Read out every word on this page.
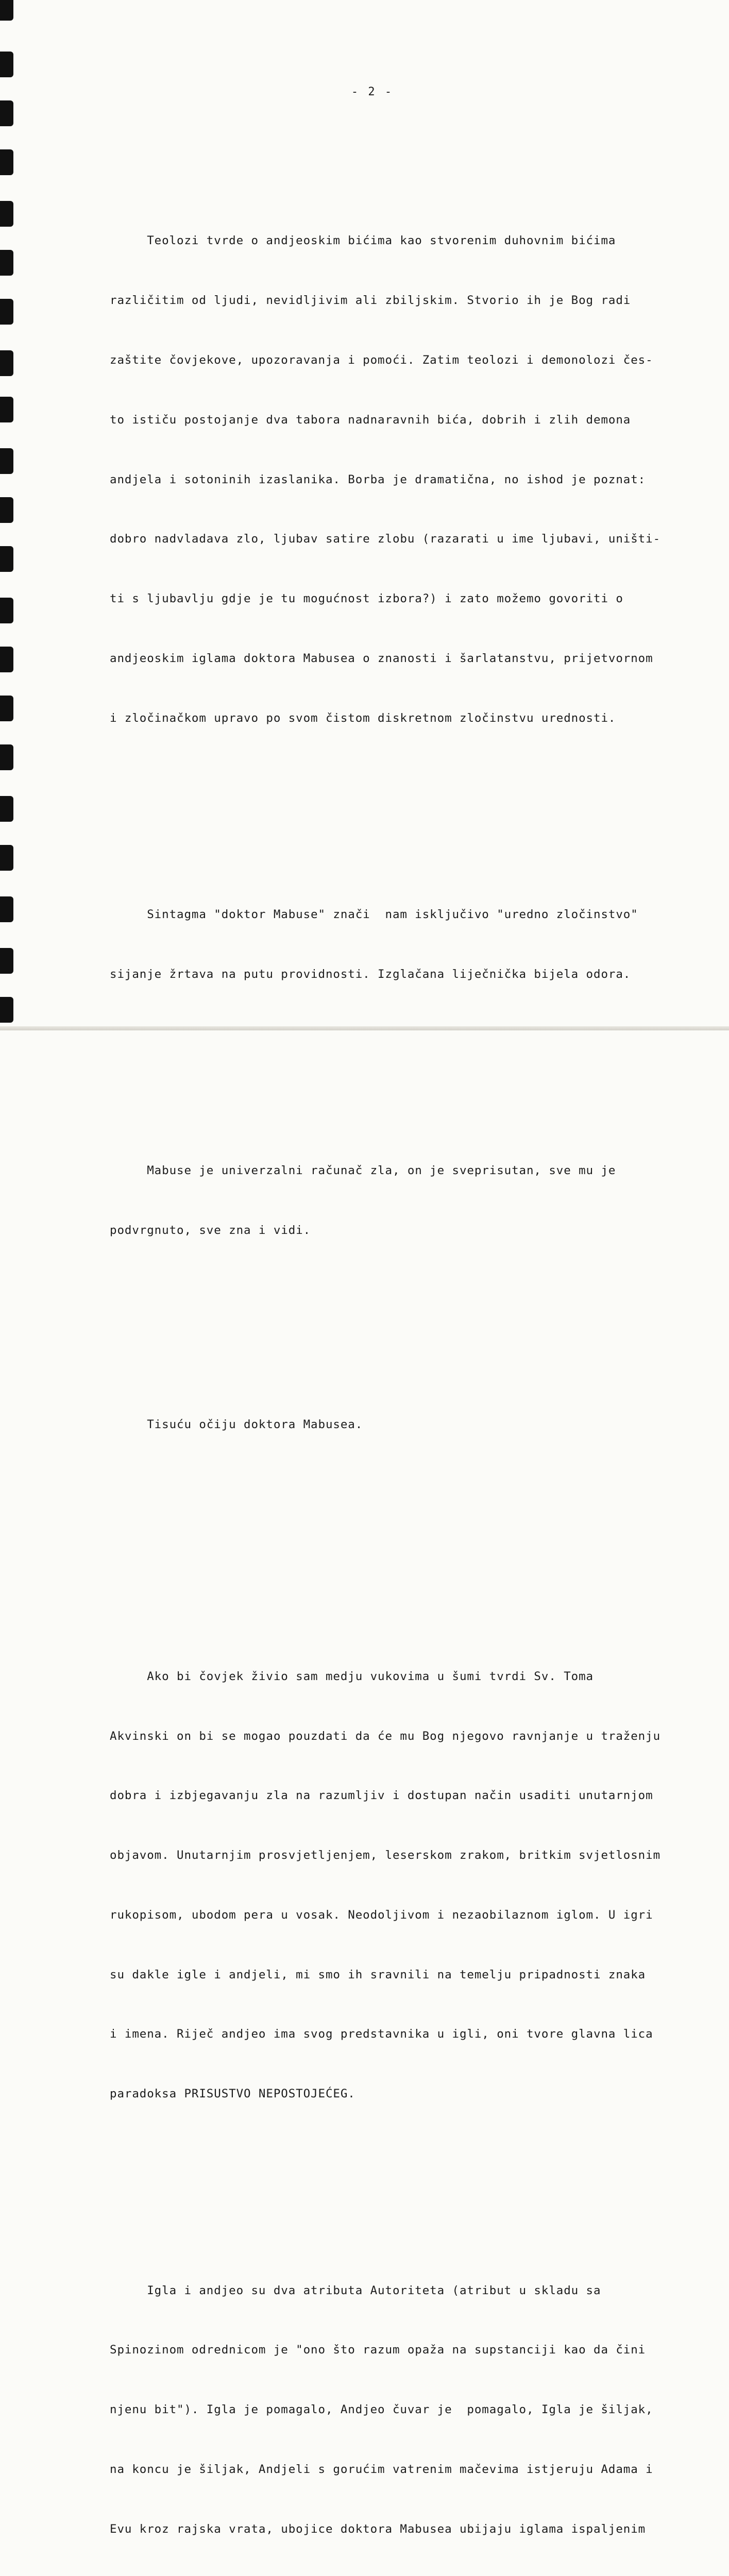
- 2 -

Teolozi tvrde o andjeoskim bićima kao stvorenim duhovnim bićima

različitim od ljudi, nevidljivim ali zbiljskim. Stvorio ih je Bog radi

zaštite čovjekove, upozoravanja i pomoći. Zatim teolozi i demonolozi čes-

to ističu postojanje dva tabora nadnaravnih bića, dobrih i zlih demona

andjela i sotoninih izaslanika. Borba je dramatična, no ishod je poznat:

dobro nadvladava zlo, ljubav satire zlobu (razarati u ime ljubavi, uništi-

ti s ljubavlju gdje je tu mogućnost izbora?) i zato možemo govoriti o

andjeoskim iglama doktora Mabusea o znanosti i šarlatanstvu, prijetvornom

i zločinačkom upravo po svom čistom diskretnom zločinstvu urednosti.

Sintagma "doktor Mabuse" znači  nam isključivo "uredno zločinstvo"

sijanje žrtava na putu providnosti. Izglačana liječnička bijela odora.

Mabuse je univerzalni računač zla, on je sveprisutan, sve mu je

podvrgnuto, sve zna i vidi.

Tisuću očiju doktora Mabusea.

Ako bi čovjek živio sam medju vukovima u šumi tvrdi Sv. Toma

Akvinski on bi se mogao pouzdati da će mu Bog njegovo ravnjanje u traženju

dobra i izbjegavanju zla na razumljiv i dostupan način usaditi unutarnjom

objavom. Unutarnjim prosvjetljenjem, leserskom zrakom, britkim svjetlosnim

rukopisom, ubodom pera u vosak. Neodoljivom i nezaobilaznom iglom. U igri

su dakle igle i andjeli, mi smo ih sravnili na temelju pripadnosti znaka

i imena. Riječ andjeo ima svog predstavnika u igli, oni tvore glavna lica

paradoksa PRISUSTVO NEPOSTOJEĆEG.

Igla i andjeo su dva atributa Autoriteta (atribut u skladu sa

Spinozinom odrednicom je "ono što razum opaža na supstanciji kao da čini

njenu bit"). Igla je pomagalo, Andjeo čuvar je  pomagalo, Igla je šiljak,

na koncu je šiljak, Andjeli s gorućim vatrenim mačevima istjeruju Adama i

Evu kroz rajska vrata, ubojice doktora Mabusea ubijaju iglama ispaljenim
